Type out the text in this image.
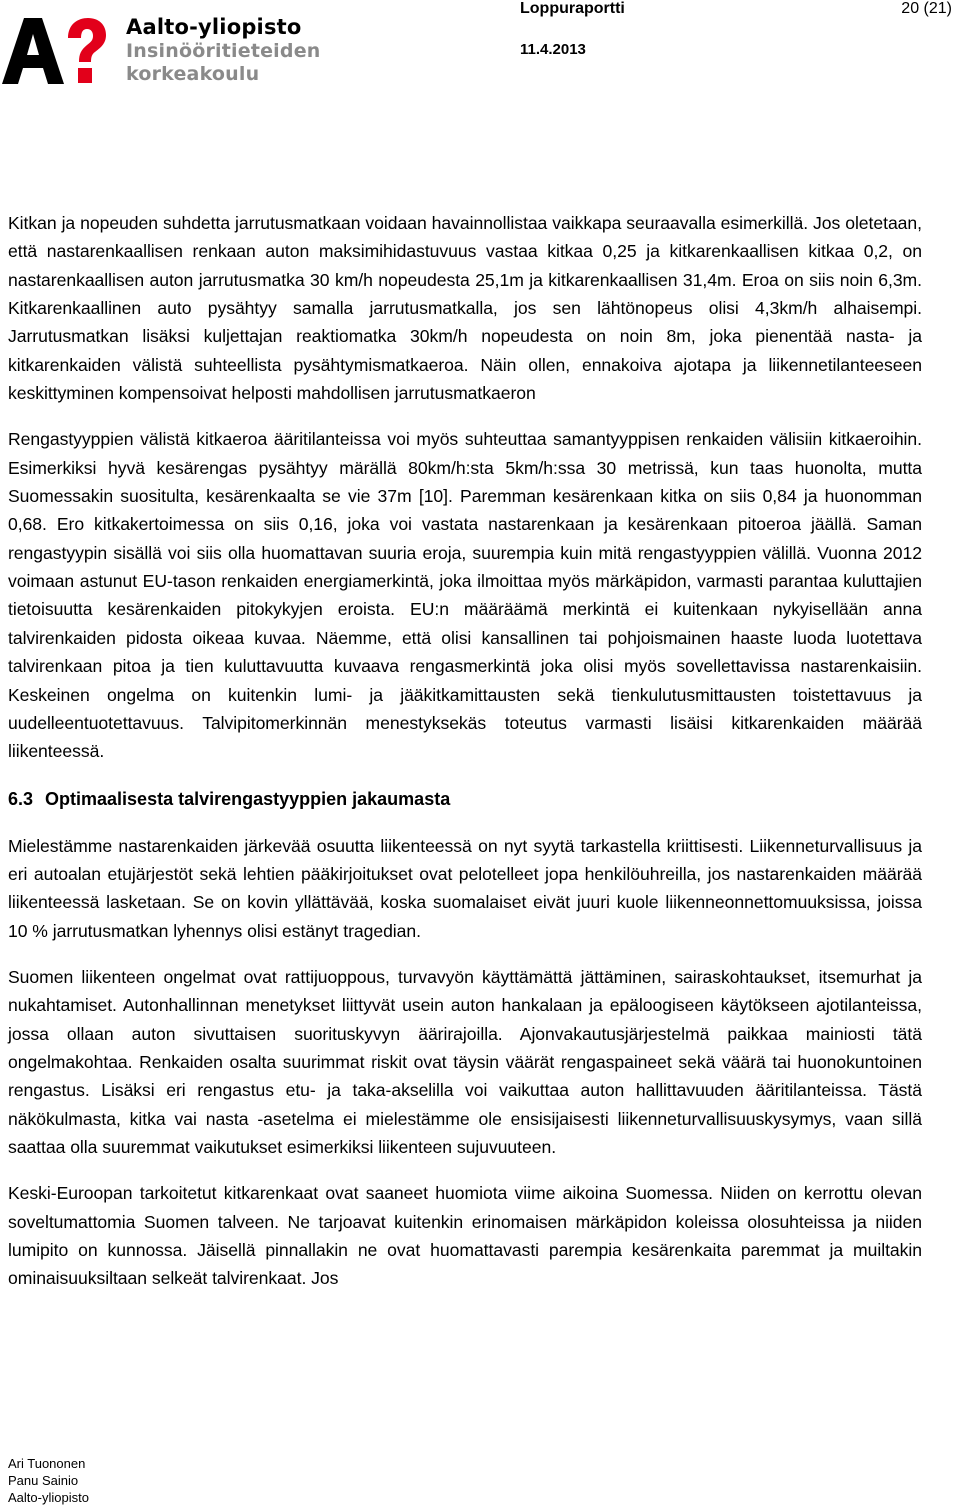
Aalto-yliopisto
Insinööritieteiden
korkeakoulu
Loppuraportti
11.4.2013
20 (21)

Kitkan ja nopeuden suhdetta jarrutusmatkaan voidaan havainnollistaa vaikkapa seuraavalla esimerkillä. Jos oletetaan, että nastarenkaallisen renkaan auton maksimihidastuvuus vastaa kitkaa 0,25 ja kitkarenkaallisen kitkaa 0,2, on nastarenkaallisen auton jarrutusmatka 30 km/h nopeudesta 25,1m ja kitkarenkaallisen 31,4m. Eroa on siis noin 6,3m. Kitkarenkaallinen auto pysähtyy samalla jarrutusmatkalla, jos sen lähtönopeus olisi 4,3km/h alhaisempi. Jarrutusmatkan lisäksi kuljettajan reaktiomatka 30km/h nopeudesta on noin 8m, joka pienentää nasta- ja kitkarenkaiden välistä suhteellista pysähtymismatkaeroa. Näin ollen, ennakoiva ajotapa ja liikennetilanteeseen keskittyminen kompensoivat helposti mahdollisen jarrutusmatkaeron

Rengastyyppien välistä kitkaeroa ääritilanteissa voi myös suhteuttaa samantyyppisen renkaiden välisiin kitkaeroihin. Esimerkiksi hyvä kesärengas pysähtyy märällä 80km/h:sta 5km/h:ssa 30 metrissä, kun taas huonolta, mutta Suomessakin suositulta, kesärenkaalta se vie 37m [10]. Paremman kesärenkaan kitka on siis 0,84 ja huonomman 0,68. Ero kitkakertoimessa on siis 0,16, joka voi vastata nastarenkaan ja kesärenkaan pitoeroa jäällä. Saman rengastyypin sisällä voi siis olla huomattavan suuria eroja, suurempia kuin mitä rengastyyppien välillä. Vuonna 2012 voimaan astunut EU-tason renkaiden energiamerkintä, joka ilmoittaa myös märkäpidon, varmasti parantaa kuluttajien tietoisuutta kesärenkaiden pitokykyjen eroista. EU:n määräämä merkintä ei kuitenkaan nykyisellään anna talvirenkaiden pidosta oikeaa kuvaa. Näemme, että olisi kansallinen tai pohjoismainen haaste luoda luotettava talvirenkaan pitoa ja tien kuluttavuutta kuvaava rengasmerkintä joka olisi myös sovellettavissa nastarenkaisiin. Keskeinen ongelma on kuitenkin lumi- ja jääkitkamittausten sekä tienkulutusmittausten toistettavuus ja uudelleentuotettavuus. Talvipitomerkinnän menestyksekäs toteutus varmasti lisäisi kitkarenkaiden määrää liikenteessä.

6.3 Optimaalisesta talvirengastyyppien jakaumasta

Mielestämme nastarenkaiden järkevää osuutta liikenteessä on nyt syytä tarkastella kriittisesti. Liikenneturvallisuus ja eri autoalan etujärjestöt sekä lehtien pääkirjoitukset ovat pelotelleet jopa henkilöuhreilla, jos nastarenkaiden määrää liikenteessä lasketaan. Se on kovin yllättävää, koska suomalaiset eivät juuri kuole liikenneonnettomuuksissa, joissa 10 % jarrutusmatkan lyhennys olisi estänyt tragedian.

Suomen liikenteen ongelmat ovat rattijuoppous, turvavyön käyttämättä jättäminen, sairaskohtaukset, itsemurhat ja nukahtamiset. Autonhallinnan menetykset liittyvät usein auton hankalaan ja epäloogiseen käytökseen ajotilanteissa, jossa ollaan auton sivuttaisen suorituskyvyn äärirajoilla. Ajonvakautusjärjestelmä paikkaa mainiosti tätä ongelmakohtaa. Renkaiden osalta suurimmat riskit ovat täysin väärät rengaspaineet sekä väärä tai huonokuntoinen rengastus. Lisäksi eri rengastus etu- ja taka-akselilla voi vaikuttaa auton hallittavuuden ääritilanteissa. Tästä näkökulmasta, kitka vai nasta -asetelma ei mielestämme ole ensisijaisesti liikenneturvallisuuskysymys, vaan sillä saattaa olla suuremmat vaikutukset esimerkiksi liikenteen sujuvuuteen.

Keski-Euroopan tarkoitetut kitkarenkaat ovat saaneet huomiota viime aikoina Suomessa. Niiden on kerrottu olevan soveltumattomia Suomen talveen. Ne tarjoavat kuitenkin erinomaisen märkäpidon koleissa olosuhteissa ja niiden lumipito on kunnossa. Jäisellä pinnallakin ne ovat huomattavasti parempia kesärenkaita paremmat ja muiltakin ominaisuuksiltaan selkeät talvirenkaat. Jos

Ari Tuononen
Panu Sainio
Aalto-yliopisto
